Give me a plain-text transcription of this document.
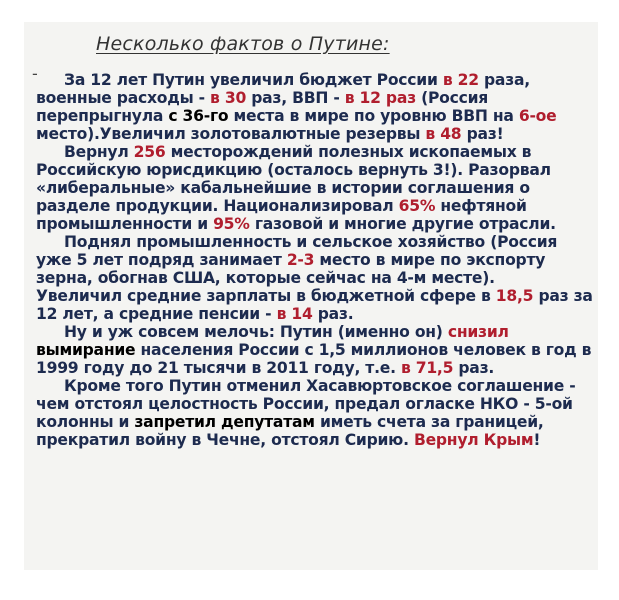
Несколько фактов о Путине:
-	За 12 лет Путин увеличил бюджет России в 22 раза, военные расходы - в 30 раз, ВВП - в 12 раз (Россия перепрыгнула с 36-го места в мире по уровню ВВП на 6-ое место).Увеличил золотовалютные резервы в 48 раз!

Вернул 256 месторождений полезных ископаемых в Российскую юрисдикцию (осталось вернуть 3!). Разорвал «либеральные» кабальнейшие в истории соглашения о разделе продукции. Национализировал 65% нефтяной промышленности и 95% газовой и многие другие отрасли.

Поднял промышленность и сельское хозяйство (Россия уже 5 лет подряд занимает 2-3 место в мире по экспорту зерна, обогнав США, которые сейчас на 4-м месте).

Увеличил средние зарплаты в бюджетной сфере в 18,5 раз за 12 лет, а средние пенсии - в 14 раз.

Ну и уж совсем мелочь: Путин (именно он) снизил вымирание населения России с 1,5 миллионов человек в год в 1999 году до 21 тысячи в 2011 году, т.е. в 71,5 раз.

Кроме того Путин отменил Хасавюртовское соглашение - чем отстоял целостность России, предал огласке НКО - 5-ой колонны и запретил депутатам иметь счета за границей, прекратил войну в Чечне, отстоял Сирию. Вернул Крым!
